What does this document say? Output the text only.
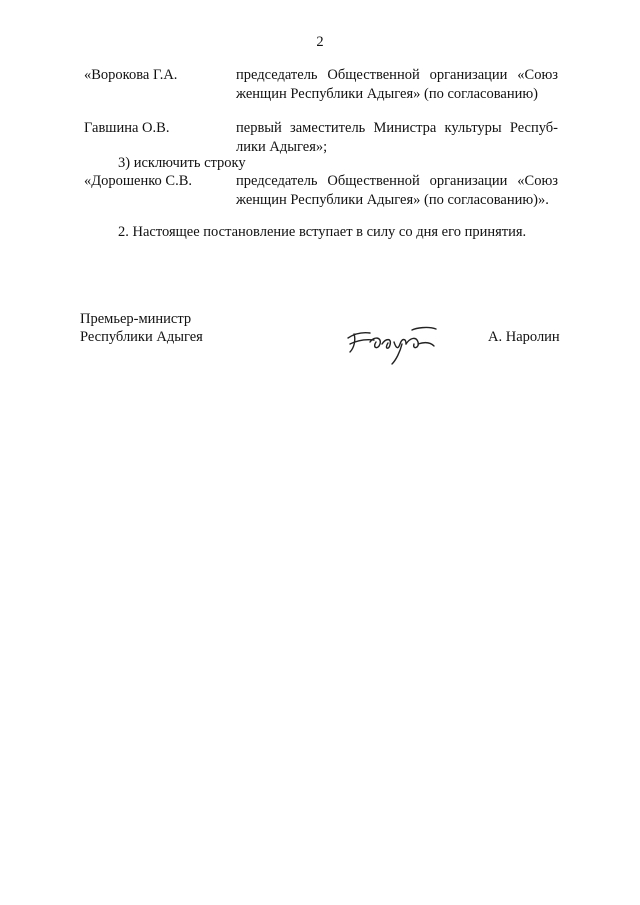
2
«Ворокова Г.А.	председатель Общественной организации «Союз женщин Республики Адыгея» (по согласованию)
Гавшина О.В.	первый заместитель Министра культуры Респуб-лики Адыгея»;
3) исключить строку
«Дорошенко С.В.	председатель Общественной организации «Союз женщин Республики Адыгея» (по согласованию)».
2. Настоящее постановление вступает в силу со дня его принятия.
Премьер-министр
Республики Адыгея	А. Наролин
